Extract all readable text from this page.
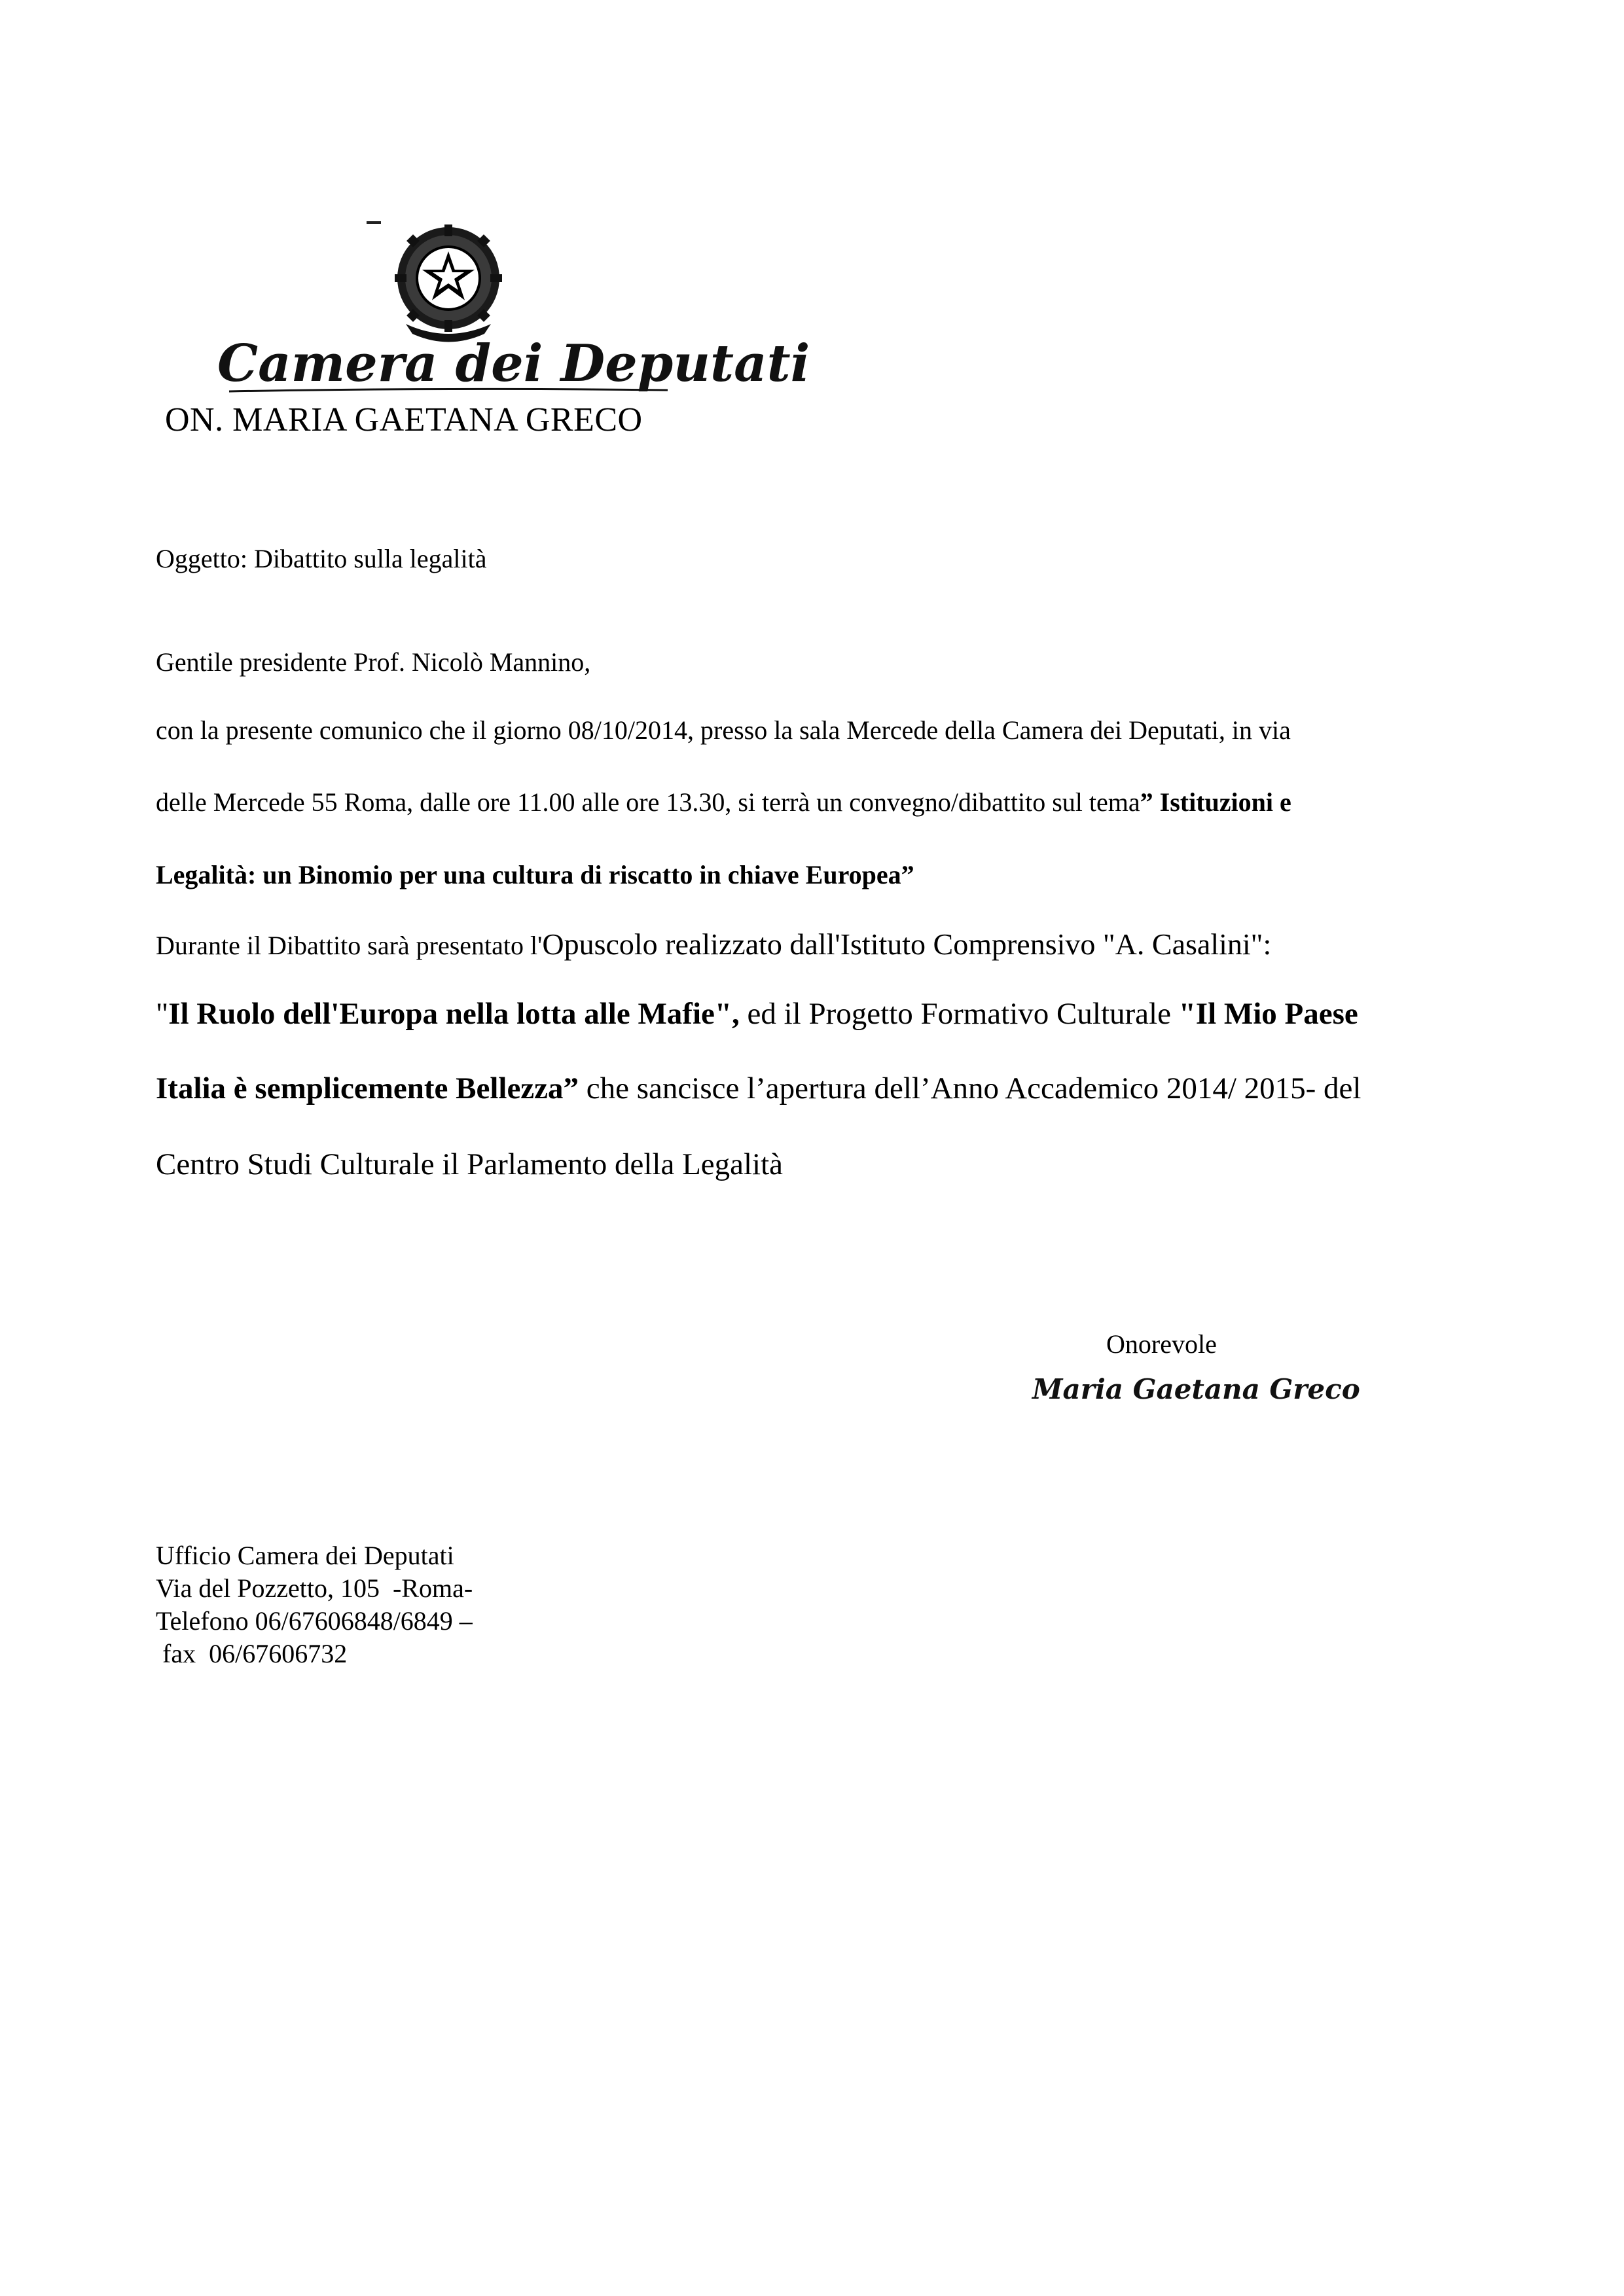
Camera dei Deputati
ON. MARIA GAETANA GRECO
Oggetto: Dibattito sulla legalità
Gentile presidente Prof. Nicolò Mannino,
con la presente comunico che il giorno 08/10/2014, presso la sala Mercede della Camera dei Deputati, in via
delle Mercede 55 Roma, dalle ore 11.00 alle ore 13.30, si terrà un convegno/dibattito sul tema” Istituzioni e
Legalità: un Binomio per una cultura di riscatto in chiave Europea”
Durante il Dibattito sarà presentato l'Opuscolo realizzato dall'Istituto Comprensivo "A. Casalini":
"Il Ruolo dell'Europa nella lotta alle Mafie", ed il Progetto Formativo Culturale "Il Mio Paese
Italia è semplicemente Bellezza” che sancisce l’apertura dell’Anno Accademico 2014/ 2015- del
Centro Studi Culturale il Parlamento della Legalità
Onorevole
Maria Gaetana Greco
Ufficio Camera dei Deputati
Via del Pozzetto, 105  -Roma-
Telefono 06/67606848/6849 –
fax  06/67606732
